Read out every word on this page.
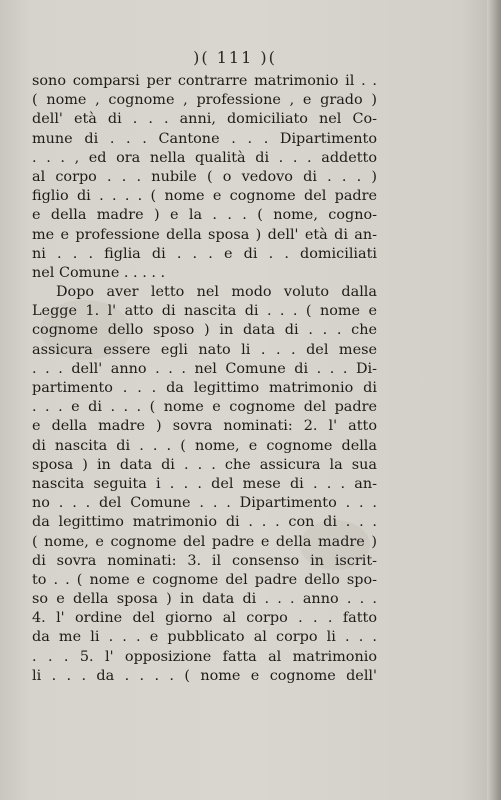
)( 111 )(
sono comparsi per contrarre matrimonio il . .
( nome , cognome , professione , e grado )
dell' età di . . . anni, domiciliato nel Co-
mune di . . . Cantone . . . Dipartimento
. . . , ed ora nella qualità di . . . addetto
al corpo . . . nubile ( o vedovo di . . . )
figlio di . . . . ( nome e cognome del padre
e della madre ) e la . . . ( nome, cogno-
me e professione della sposa ) dell' età di an-
ni . . . figlia di . . . e di . . domiciliati
nel Comune . . . . .
Dopo aver letto nel modo voluto dalla
Legge 1. l' atto di nascita di . . . ( nome e
cognome dello sposo ) in data di . . . che
assicura essere egli nato li . . . del mese
. . . dell' anno . . . nel Comune di . . . Di-
partimento . . . da legittimo matrimonio di
. . . e di . . . ( nome e cognome del padre
e della madre ) sovra nominati: 2. l' atto
di nascita di . . . ( nome, e cognome della
sposa ) in data di . . . che assicura la sua
nascita seguita i . . . del mese di . . . an-
no . . . del Comune . . . Dipartimento . . .
da legittimo matrimonio di . . . con di . . .
( nome, e cognome del padre e della madre )
di sovra nominati: 3. il consenso in iscrit-
to . . ( nome e cognome del padre dello spo-
so e della sposa ) in data di . . . anno . . .
4. l' ordine del giorno al corpo . . . fatto
da me li . . . e pubblicato al corpo li . . .
. . . 5. l' opposizione fatta al matrimonio
li . . . da . . . . ( nome e cognome dell'
